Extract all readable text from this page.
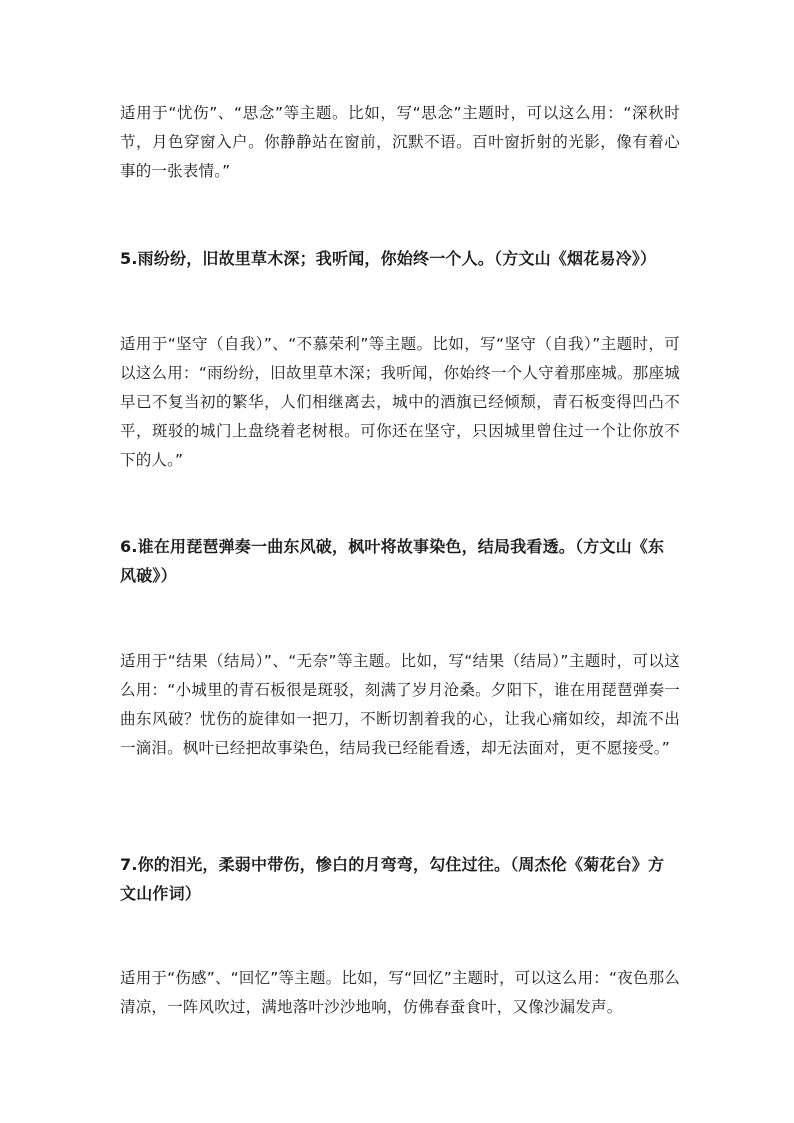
适用于“忧伤”、“思念”等主题。比如，写“思念”主题时，可以这么用：“深秋时节，月色穿窗入户。你静静站在窗前，沉默不语。百叶窗折射的光影，像有着心事的一张表情。”

5.雨纷纷，旧故里草木深；我听闻，你始终一个人。（方文山《烟花易冷》）

适用于“坚守（自我）”、“不慕荣利”等主题。比如，写“坚守（自我）”主题时，可以这么用：“雨纷纷，旧故里草木深；我听闻，你始终一个人守着那座城。那座城早已不复当初的繁华，人们相继离去，城中的酒旗已经倾颓，青石板变得凹凸不平，斑驳的城门上盘绕着老树根。可你还在坚守，只因城里曾住过一个让你放不下的人。”

6.谁在用琵琶弹奏一曲东风破，枫叶将故事染色，结局我看透。（方文山《东风破》）

适用于“结果（结局）”、“无奈”等主题。比如，写“结果（结局）”主题时，可以这么用：“小城里的青石板很是斑驳，刻满了岁月沧桑。夕阳下，谁在用琵琶弹奏一曲东风破？忧伤的旋律如一把刀，不断切割着我的心，让我心痛如绞，却流不出一滴泪。枫叶已经把故事染色，结局我已经能看透，却无法面对，更不愿接受。”

7.你的泪光，柔弱中带伤，惨白的月弯弯，勾住过往。（周杰伦《菊花台》方文山作词）

适用于“伤感”、“回忆”等主题。比如，写“回忆”主题时，可以这么用：“夜色那么清凉，一阵风吹过，满地落叶沙沙地响，仿佛春蚕食叶，又像沙漏发声。
